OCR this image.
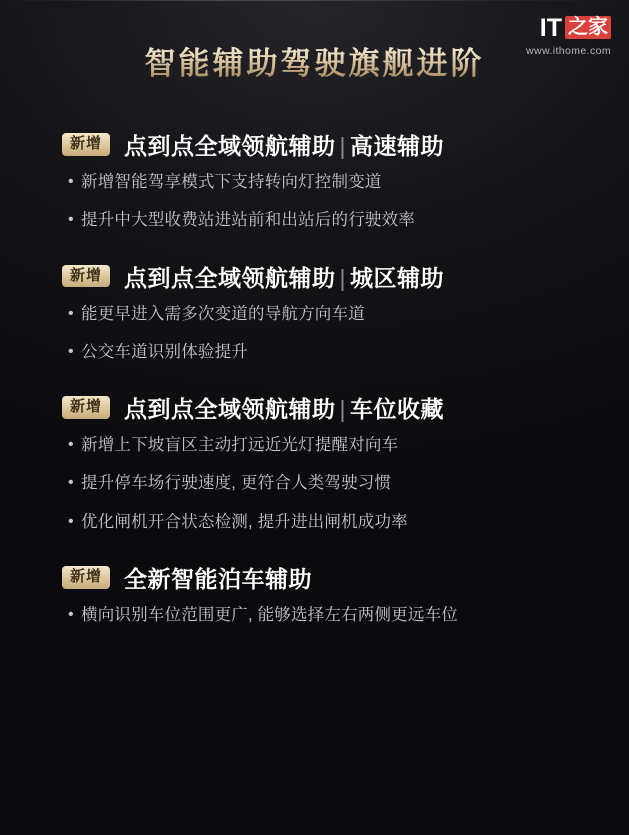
IT 之家
www.ithome.com
智能辅助驾驶旗舰进阶
新增 点到点全域领航辅助 | 高速辅助
• 新增智能驾享模式下支持转向灯控制变道
• 提升中大型收费站进站前和出站后的行驶效率
新增 点到点全域领航辅助 | 城区辅助
• 能更早进入需多次变道的导航方向车道
• 公交车道识别体验提升
新增 点到点全域领航辅助 | 车位收藏
• 新增上下坡盲区主动打远近光灯提醒对向车
• 提升停车场行驶速度, 更符合人类驾驶习惯
• 优化闸机开合状态检测, 提升进出闸机成功率
新增 全新智能泊车辅助
• 横向识别车位范围更广, 能够选择左右两侧更远车位
